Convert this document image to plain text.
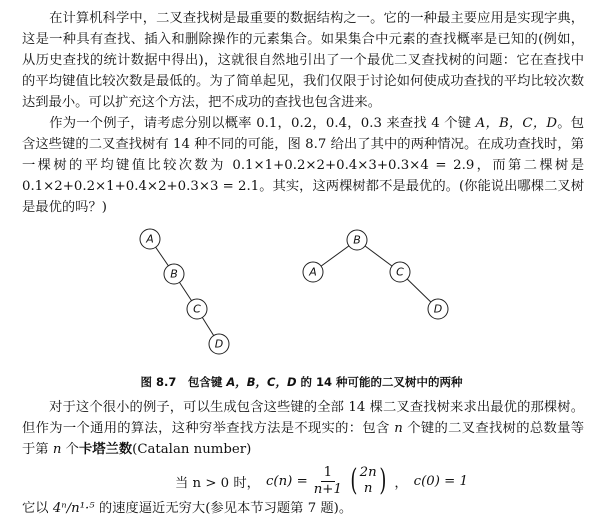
在计算机科学中，二叉查找树是最重要的数据结构之一。它的一种最主要应用是实现字典，这是一种具有查找、插入和删除操作的元素集合。如果集合中元素的查找概率是已知的(例如，从历史查找的统计数据中得出)，这就很自然地引出了一个最优二叉查找树的问题：它在查找中的平均键值比较次数是最低的。为了简单起见，我们仅限于讨论如何使成功查找的平均比较次数达到最小。可以扩充这个方法，把不成功的查找也包含进来。

作为一个例子，请考虑分别以概率 0.1，0.2，0.4，0.3 来查找 4 个键 A，B，C，D。包含这些键的二叉查找树有 14 种不同的可能，图 8.7 给出了其中的两种情况。在成功查找时，第一棵树的平均键值比较次数为 0.1×1+0.2×2+0.4×3+0.3×4 = 2.9，而第二棵树是 0.1×2+0.2×1+0.4×2+0.3×3 = 2.1。其实，这两棵树都不是最优的。(你能说出哪棵二叉树是最优的吗？)

A
B
C
D
B
A	C
D
图 8.7　包含键 A，B，C，D 的 14 种可能的二叉树中的两种

对于这个很小的例子，可以生成包含这些键的全部 14 棵二叉查找树来求出最优的那棵树。但作为一个通用的算法，这种穷举查找方法是不现实的：包含 n 个键的二叉查找树的总数量等于第 n 个卡塔兰数(Catalan number)

当 n > 0 时， $c(n) = \frac{1}{n+1}$ ( 2n
n ) ， c(0) = 1
它以 4ⁿ/n¹·⁵ 的速度逼近无穷大(参见本节习题第 7 题)。
